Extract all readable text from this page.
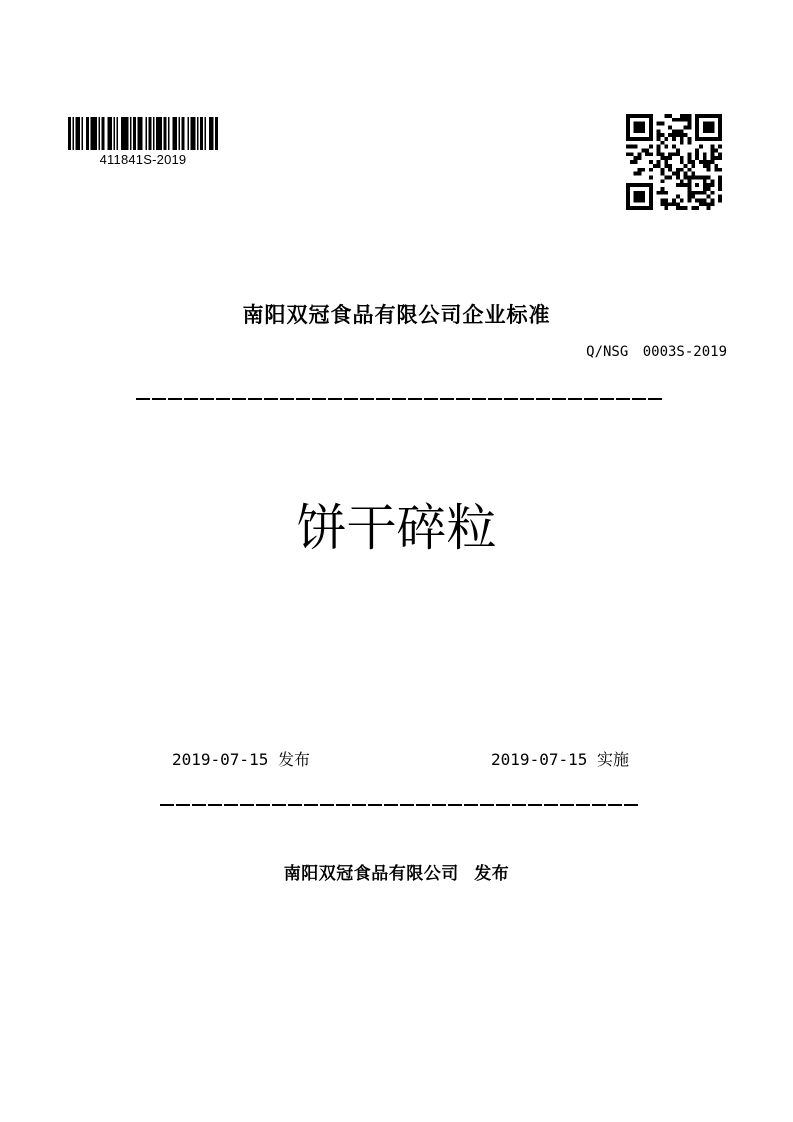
411841S-2019
南阳双冠食品有限公司企业标准
Q/NSG 0003S-2019
饼干碎粒
2019-07-15 发布	2019-07-15 实施
南阳双冠食品有限公司 发布
